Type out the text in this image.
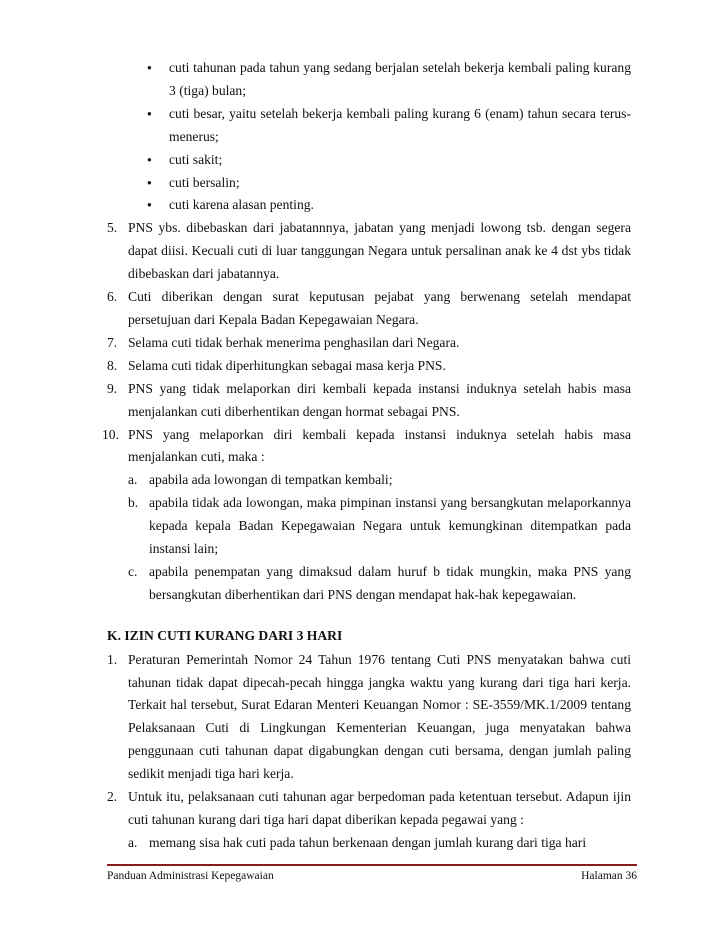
● cuti tahunan pada tahun yang sedang berjalan setelah bekerja kembali paling kurang 3 (tiga) bulan;
● cuti besar, yaitu setelah bekerja kembali paling kurang 6 (enam) tahun secara terus-menerus;
● cuti sakit;
● cuti bersalin;
● cuti karena alasan penting.
5. PNS ybs. dibebaskan dari jabatannnya, jabatan yang menjadi lowong tsb. dengan segera dapat diisi. Kecuali cuti di luar tanggungan Negara untuk persalinan anak ke 4 dst ybs tidak dibebaskan dari jabatannya.
6. Cuti diberikan dengan surat keputusan pejabat yang berwenang setelah mendapat persetujuan dari Kepala Badan Kepegawaian Negara.
7. Selama cuti tidak berhak menerima penghasilan dari Negara.
8. Selama cuti tidak diperhitungkan sebagai masa kerja PNS.
9. PNS yang tidak melaporkan diri kembali kepada instansi induknya setelah habis masa menjalankan cuti diberhentikan dengan hormat sebagai PNS.
10. PNS yang melaporkan diri kembali kepada instansi induknya setelah habis masa menjalankan cuti, maka :
a. apabila ada lowongan di tempatkan kembali;
b. apabila tidak ada lowongan, maka pimpinan instansi yang bersangkutan melaporkannya kepada kepala Badan Kepegawaian Negara untuk kemungkinan ditempatkan pada instansi lain;
c. apabila penempatan yang dimaksud dalam huruf b tidak mungkin, maka PNS yang bersangkutan diberhentikan dari PNS dengan mendapat hak-hak kepegawaian.
K. IZIN CUTI KURANG DARI 3 HARI
1. Peraturan Pemerintah Nomor 24 Tahun 1976 tentang Cuti PNS menyatakan bahwa cuti tahunan tidak dapat dipecah-pecah hingga jangka waktu yang kurang dari tiga hari kerja. Terkait hal tersebut, Surat Edaran Menteri Keuangan Nomor : SE-3559/MK.1/2009 tentang Pelaksanaan Cuti di Lingkungan Kementerian Keuangan, juga menyatakan bahwa penggunaan cuti tahunan dapat digabungkan dengan cuti bersama, dengan jumlah paling sedikit menjadi tiga hari kerja.
2. Untuk itu, pelaksanaan cuti tahunan agar berpedoman pada ketentuan tersebut. Adapun ijin cuti tahunan kurang dari tiga hari dapat diberikan kepada pegawai yang :
a. memang sisa hak cuti pada tahun berkenaan dengan jumlah kurang dari tiga hari
Panduan Administrasi Kepegawaian	Halaman 36
